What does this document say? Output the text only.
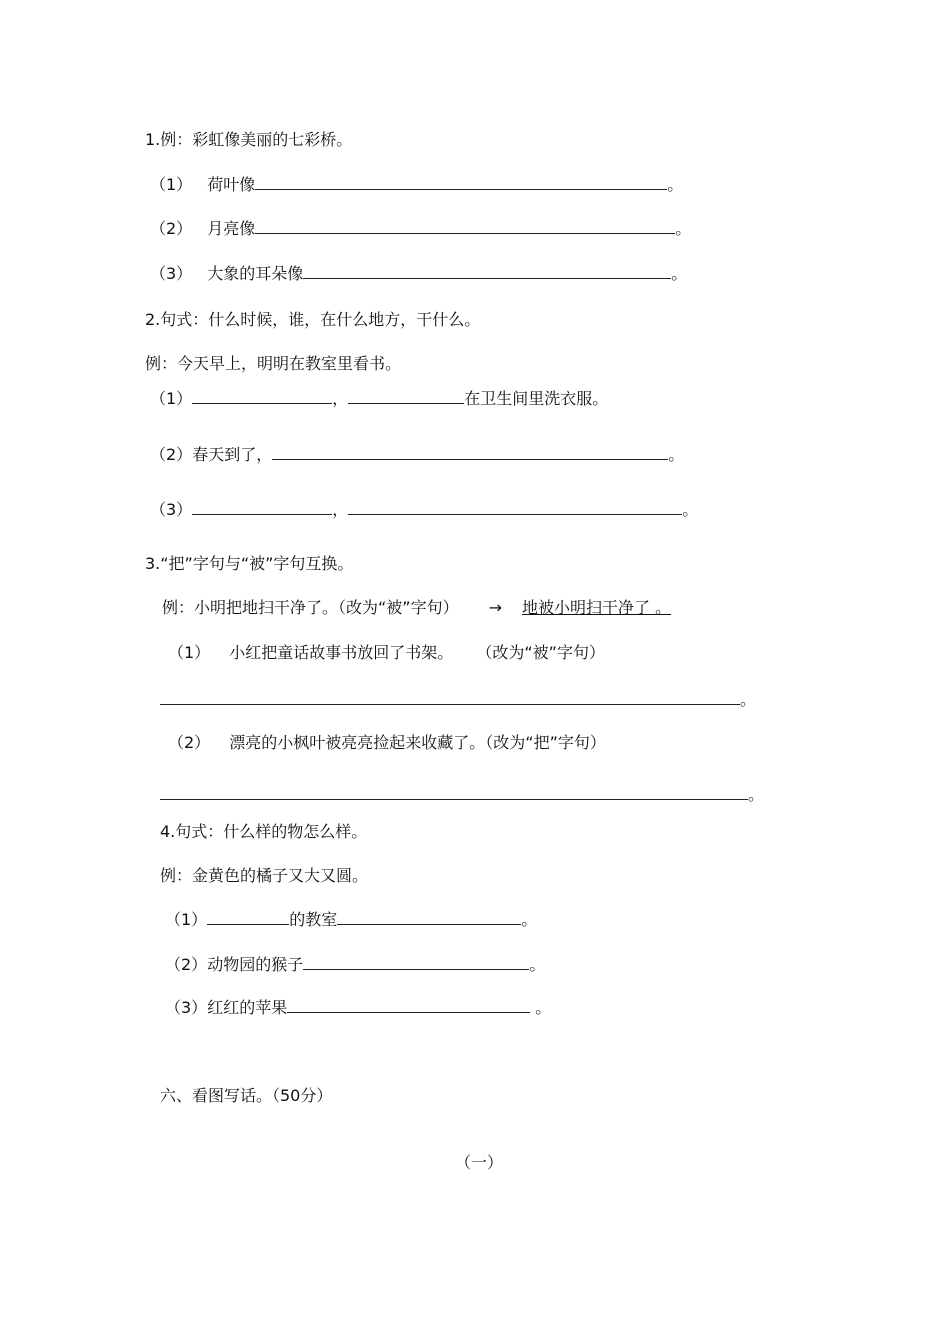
1.例：彩虹像美丽的七彩桥。
（1） 荷叶像	。
（2） 月亮像	。
（3） 大象的耳朵像	。
2.句式：什么时候，谁，在什么地方，干什么。
例：今天早上，明明在教室里看书。
（1）	，	在卫生间里洗衣服。
（2）春天到了，	。
（3）	，	。
3.“把”字句与“被”字句互换。
例：小明把地扫干净了。（改为“被”字句） → 地被小明扫干净了 。
（1） 小红把童话故事书放回了书架。 （改为“被”字句）
。
（2） 漂亮的小枫叶被亮亮捡起来收藏了。（改为“把”字句）
。
4.句式：什么样的物怎么样。
例：金黄色的橘子又大又圆。
（1）	的教室	。
（2）动物园的猴子	。
（3）红红的苹果	。
六、看图写话。（50分）
（一）
